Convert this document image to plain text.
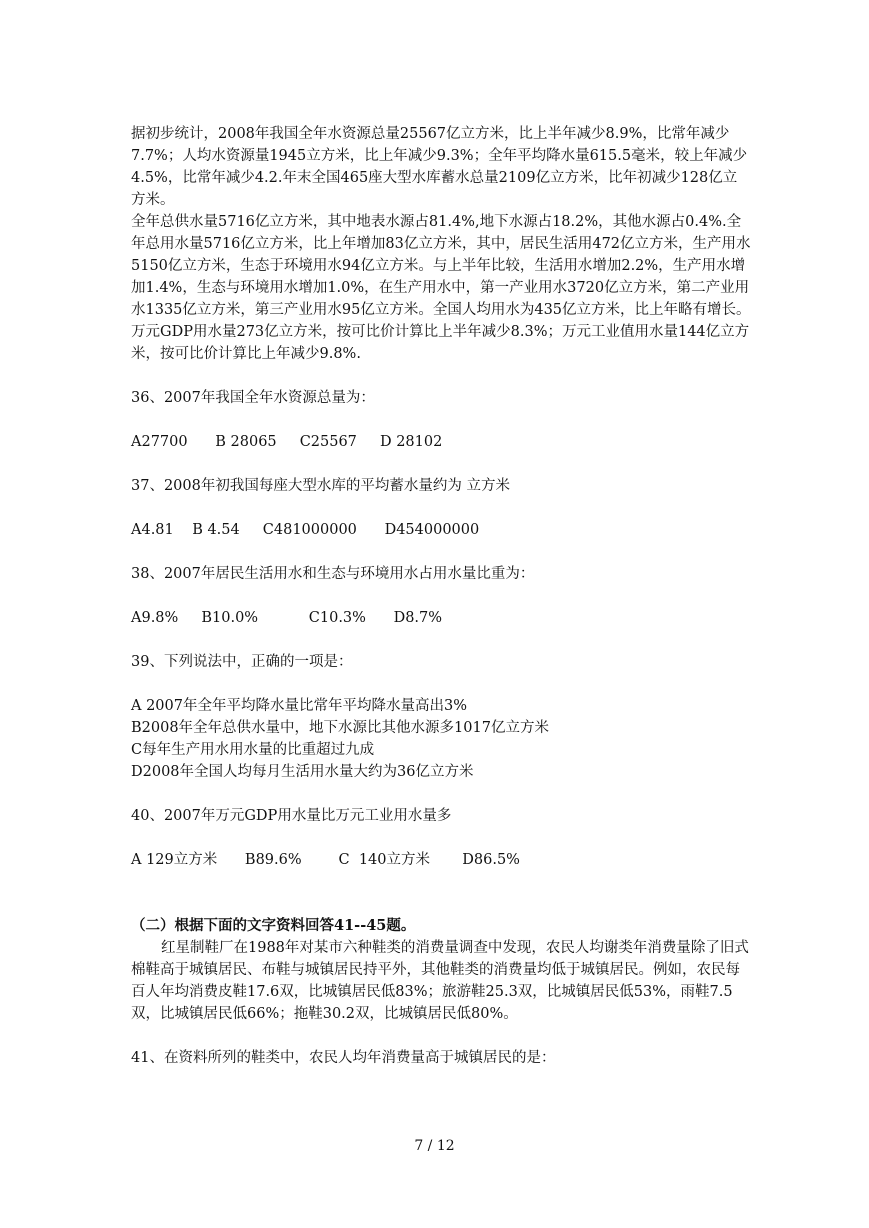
据初步统计，2008年我国全年水资源总量25567亿立方米，比上半年减少8.9%，比常年减少7.7%；人均水资源量1945立方米，比上年减少9.3%；全年平均降水量615.5毫米，较上年减少4.5%，比常年减少4.2.年末全国465座大型水库蓄水总量2109亿立方米，比年初减少128亿立方米。

全年总供水量5716亿立方米，其中地表水源占81.4%,地下水源占18.2%，其他水源占0.4%.全年总用水量5716亿立方米，比上年增加83亿立方米，其中，居民生活用472亿立方米，生产用水5150亿立方米，生态于环境用水94亿立方米。与上半年比较，生活用水增加2.2%，生产用水增加1.4%，生态与环境用水增加1.0%，在生产用水中，第一产业用水3720亿立方米，第二产业用水1335亿立方米，第三产业用水95亿立方米。全国人均用水为435亿立方米，比上年略有增长。万元GDP用水量273亿立方米，按可比价计算比上半年减少8.3%；万元工业值用水量144亿立方米，按可比价计算比上年减少9.8%.

36、2007年我国全年水资源总量为：

A27700      B 28065     C25567     D 28102

37、2008年初我国每座大型水库的平均蓄水量约为 立方米

A4.81    B 4.54     C481000000      D454000000

38、2007年居民生活用水和生态与环境用水占用水量比重为：

A9.8%     B10.0%           C10.3%      D8.7%

39、下列说法中，正确的一项是：

A 2007年全年平均降水量比常年平均降水量高出3%

B2008年全年总供水量中，地下水源比其他水源多1017亿立方米

C每年生产用水用水量的比重超过九成

D2008年全国人均每月生活用水量大约为36亿立方米

40、2007年万元GDP用水量比万元工业用水量多

A 129立方米      B89.6%        C  140立方米       D86.5%

（二）根据下面的文字资料回答41--45题。

红星制鞋厂在1988年对某市六种鞋类的消费量调查中发现，农民人均谢类年消费量除了旧式棉鞋高于城镇居民、布鞋与城镇居民持平外，其他鞋类的消费量均低于城镇居民。例如，农民每百人年均消费皮鞋17.6双，比城镇居民低83%；旅游鞋25.3双，比城镇居民低53%，雨鞋7.5双，比城镇居民低66%；拖鞋30.2双，比城镇居民低80%。

41、在资料所列的鞋类中，农民人均年消费量高于城镇居民的是：

7 / 12
